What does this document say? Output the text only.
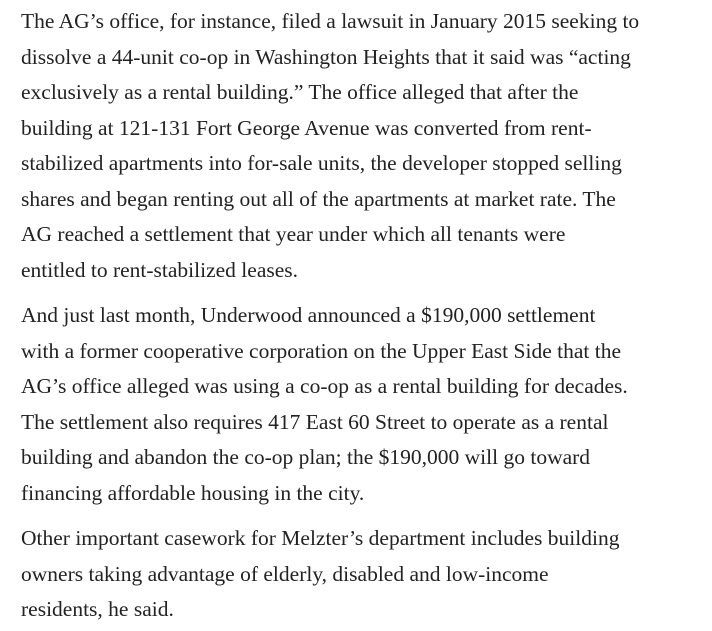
The AG’s office, for instance, filed a lawsuit in January 2015 seeking to
dissolve a 44-unit co-op in Washington Heights that it said was “acting
exclusively as a rental building.” The office alleged that after the
building at 121-131 Fort George Avenue was converted from rent-
stabilized apartments into for-sale units, the developer stopped selling
shares and began renting out all of the apartments at market rate. The
AG reached a settlement that year under which all tenants were
entitled to rent-stabilized leases.

And just last month, Underwood announced a $190,000 settlement
with a former cooperative corporation on the Upper East Side that the
AG’s office alleged was using a co-op as a rental building for decades.
The settlement also requires 417 East 60 Street to operate as a rental
building and abandon the co-op plan; the $190,000 will go toward
financing affordable housing in the city.

Other important casework for Melzter’s department includes building
owners taking advantage of elderly, disabled and low-income
residents, he said.
